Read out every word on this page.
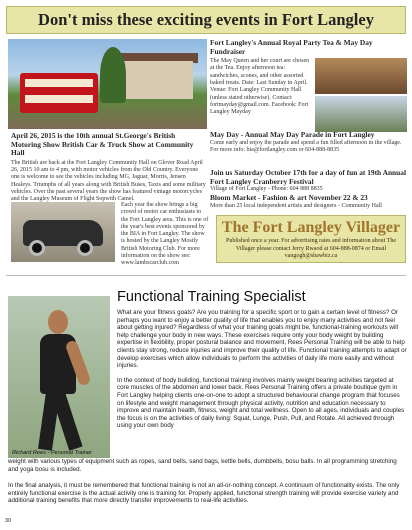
Don't miss these exciting events in Fort Langley
April 26, 2015 is the 10th annual St.George's British Motoring Show British Car & Truck Show at Community Hall
The British are back at the Fort Langley Community Hall on Glover Road April 26, 2015 10 am to 4 pm, with motor vehicles from the Old Country. Everyone one is welcome to see the vehicles including MG, Jaguar, Morris, Jensen Healeys. Triumphs of all years along with British Buses, Taxis and some military vehicles. Over the past several years the show has featured vintage motorcycles and the Langley Museum of Flight Sopwith Camel.
Each year the show brings a big crowd of motor car enthusiasts to the Fort Langley area. This is one of the year's best events sponsored by the BIA in Fort Langley. The show is hosted by the Langley Mostly British Motoring Club. For more information on the show see: www.lambscarclub.com
Fort Langley's Annual Royal Party Tea & May Day Fundraiser
The May Queen and her court are chosen at the Tea. Enjoy afternoon tea: sandwiches, scones, and other assorted baked treats. Date: Last Sunday in April. Venue: Fort Langley Community Hall (unless stated otherwise). Contact: fortmayday@gmail.com. Facebook: Fort Langley Mayday
May Day - Annual May Day Parade in Fort Langley
Come early and enjoy the parade and spend a fun filled afternoon in the village. For more info: bia@fortlangley.com or 604-888-8835
Join us Saturday October 17th for a day of fun at 19th Annual Fort Langley Cranberry Festival
Village of Fort Langley - Phone: 604 888 8835
Bloom Market - Fashion & art November 22 & 23
More than 25 local independent artists and designers - Community Hall
The Fort Langley Villager
Published once a year. For advertising rates and information about The Villager please contact Jerry Rwaod at 604-888-0874 or Email vangogh@shawbiz.ca
Richard Rees - Personal Trainer
Functional Training Specialist

What are your fitness goals? Are you training for a specific sport or to gain a certain level of fitness? Or perhaps you want to enjoy a better quality of life that enables you to enjoy many activities and not feel about getting injured? Regardless of what your training goals might be, functional-training workouts will help challenge your body in new ways. These exercises require only your body weight by building expertise in flexibility, proper postural balance and movement, Rees Personal Training will be able to help clients stay strong, reduce injuries and improve their quality of life. Functional training attempts to adapt or develop exercises which allow individuals to perform the activities of daily life more easily and without injuries.

In the context of body building, functional training involves mainly weight bearing activities targeted at core muscles of the abdomen and lower back. Rees Personal Training offers a private boutique gym in Fort Langley helping clients one-on-one to adopt a structured behavioural change program that focuses on lifestyle and weight management through physical activity, nutrition and education necessary to improve and maintain health, fitness, weight and total wellness. Open to all ages, individuals and couples the focus is on the activities of daily living: Squat, Lunge, Push, Pull, and Rotate. All achieved through using your own body

weight with various types of equipment such as ropes, sand bells, sand bags, kettle bells, dumbbells, bosu balls. In all programming stretching and yoga bosu is included.
In the final analysis, it must be remembered that functional training is not an all-or-nothing concept. A continuum of functionality exists. The only entirely functional exercise is the actual activity one is training for. Properly applied, functional strength training will provide exercise variety and additional training benefits that more directly transfer improvements to real-life activities.
30
